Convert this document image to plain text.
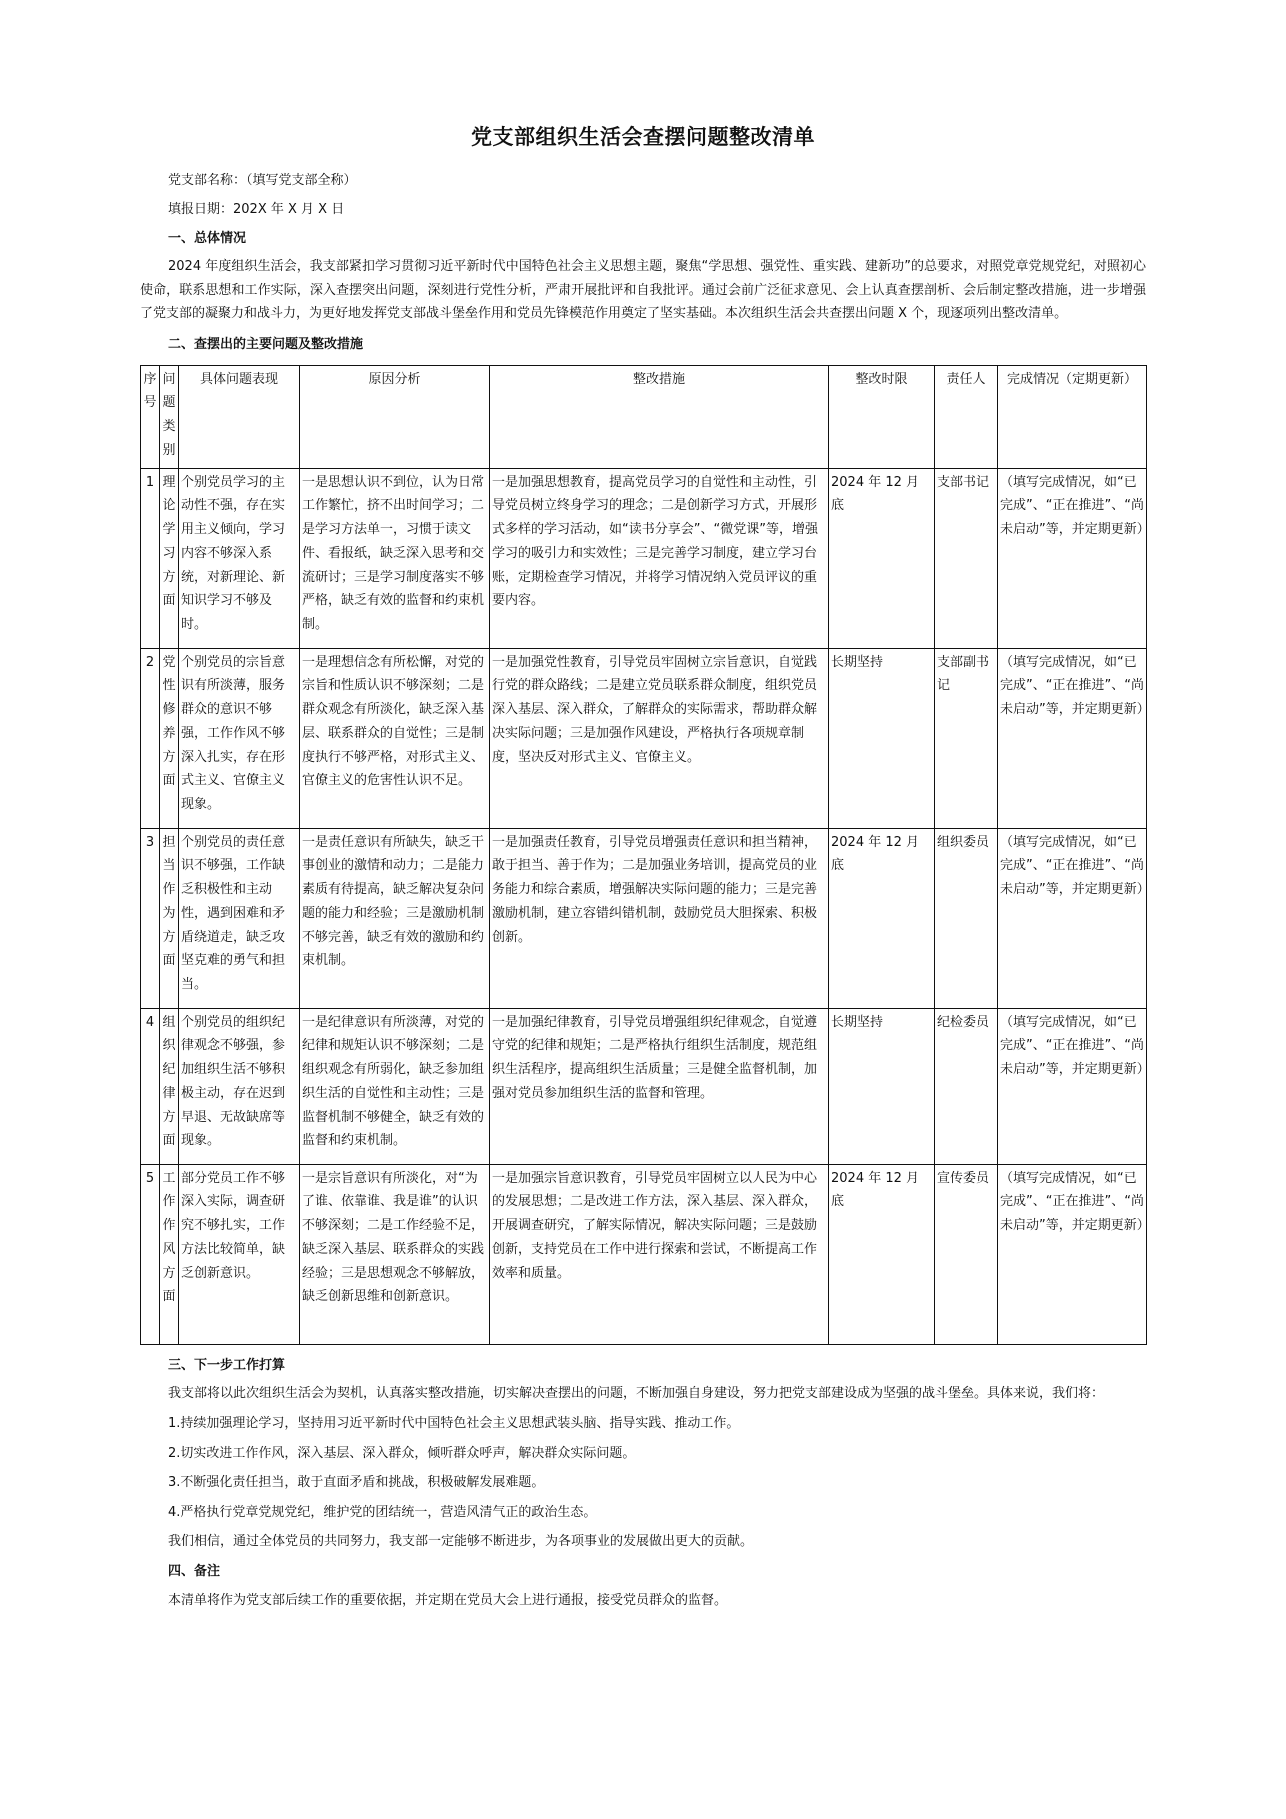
党支部组织生活会查摆问题整改清单
党支部名称：（填写党支部全称）
填报日期：202X 年 X 月 X 日
一、总体情况
2024 年度组织生活会，我支部紧扣学习贯彻习近平新时代中国特色社会主义思想主题，聚焦“学思想、强党性、重实践、建新功”的总要求，对照党章党规党纪，对照初心使命，联系思想和工作实际，深入查摆突出问题，深刻进行党性分析，严肃开展批评和自我批评。通过会前广泛征求意见、会上认真查摆剖析、会后制定整改措施，进一步增强了党支部的凝聚力和战斗力，为更好地发挥党支部战斗堡垒作用和党员先锋模范作用奠定了坚实基础。本次组织生活会共查摆出问题 X 个，现逐项列出整改清单。
二、查摆出的主要问题及整改措施
序号	问题类别	具体问题表现	原因分析	整改措施	整改时限	责任人	完成情况（定期更新）
1	理论学习方面	个别党员学习的主动性不强，存在实用主义倾向，学习内容不够深入系统，对新理论、新知识学习不够及时。	一是思想认识不到位，认为日常工作繁忙，挤不出时间学习；二是学习方法单一，习惯于读文件、看报纸，缺乏深入思考和交流研讨；三是学习制度落实不够严格，缺乏有效的监督和约束机制。	一是加强思想教育，提高党员学习的自觉性和主动性，引导党员树立终身学习的理念；二是创新学习方式，开展形式多样的学习活动，如“读书分享会”、“微党课”等，增强学习的吸引力和实效性；三是完善学习制度，建立学习台账，定期检查学习情况，并将学习情况纳入党员评议的重要内容。	2024 年 12 月底	支部书记	（填写完成情况，如“已完成”、“正在推进”、“尚未启动”等，并定期更新）
2	党性修养方面	个别党员的宗旨意识有所淡薄，服务群众的意识不够强，工作作风不够深入扎实，存在形式主义、官僚主义现象。	一是理想信念有所松懈，对党的宗旨和性质认识不够深刻；二是群众观念有所淡化，缺乏深入基层、联系群众的自觉性；三是制度执行不够严格，对形式主义、官僚主义的危害性认识不足。	一是加强党性教育，引导党员牢固树立宗旨意识，自觉践行党的群众路线；二是建立党员联系群众制度，组织党员深入基层、深入群众，了解群众的实际需求，帮助群众解决实际问题；三是加强作风建设，严格执行各项规章制度，坚决反对形式主义、官僚主义。	长期坚持	支部副书记	（填写完成情况，如“已完成”、“正在推进”、“尚未启动”等，并定期更新）
3	担当作为方面	个别党员的责任意识不够强，工作缺乏积极性和主动性，遇到困难和矛盾绕道走，缺乏攻坚克难的勇气和担当。	一是责任意识有所缺失，缺乏干事创业的激情和动力；二是能力素质有待提高，缺乏解决复杂问题的能力和经验；三是激励机制不够完善，缺乏有效的激励和约束机制。	一是加强责任教育，引导党员增强责任意识和担当精神，敢于担当、善于作为；二是加强业务培训，提高党员的业务能力和综合素质，增强解决实际问题的能力；三是完善激励机制，建立容错纠错机制，鼓励党员大胆探索、积极创新。	2024 年 12 月底	组织委员	（填写完成情况，如“已完成”、“正在推进”、“尚未启动”等，并定期更新）
4	组织纪律方面	个别党员的组织纪律观念不够强，参加组织生活不够积极主动，存在迟到早退、无故缺席等现象。	一是纪律意识有所淡薄，对党的纪律和规矩认识不够深刻；二是组织观念有所弱化，缺乏参加组织生活的自觉性和主动性；三是监督机制不够健全，缺乏有效的监督和约束机制。	一是加强纪律教育，引导党员增强组织纪律观念，自觉遵守党的纪律和规矩；二是严格执行组织生活制度，规范组织生活程序，提高组织生活质量；三是健全监督机制，加强对党员参加组织生活的监督和管理。	长期坚持	纪检委员	（填写完成情况，如“已完成”、“正在推进”、“尚未启动”等，并定期更新）
5	工作作风方面	部分党员工作不够深入实际，调查研究不够扎实，工作方法比较简单，缺乏创新意识。	一是宗旨意识有所淡化，对“为了谁、依靠谁、我是谁”的认识不够深刻；二是工作经验不足，缺乏深入基层、联系群众的实践经验；三是思想观念不够解放，缺乏创新思维和创新意识。	一是加强宗旨意识教育，引导党员牢固树立以人民为中心的发展思想；二是改进工作方法，深入基层、深入群众，开展调查研究，了解实际情况，解决实际问题；三是鼓励创新，支持党员在工作中进行探索和尝试，不断提高工作效率和质量。	2024 年 12 月底	宣传委员	（填写完成情况，如“已完成”、“正在推进”、“尚未启动”等，并定期更新）
三、下一步工作打算
我支部将以此次组织生活会为契机，认真落实整改措施，切实解决查摆出的问题，不断加强自身建设，努力把党支部建设成为坚强的战斗堡垒。具体来说，我们将：
1.持续加强理论学习，坚持用习近平新时代中国特色社会主义思想武装头脑、指导实践、推动工作。
2.切实改进工作作风，深入基层、深入群众，倾听群众呼声，解决群众实际问题。
3.不断强化责任担当，敢于直面矛盾和挑战，积极破解发展难题。
4.严格执行党章党规党纪，维护党的团结统一，营造风清气正的政治生态。
我们相信，通过全体党员的共同努力，我支部一定能够不断进步，为各项事业的发展做出更大的贡献。
四、备注
本清单将作为党支部后续工作的重要依据，并定期在党员大会上进行通报，接受党员群众的监督。
